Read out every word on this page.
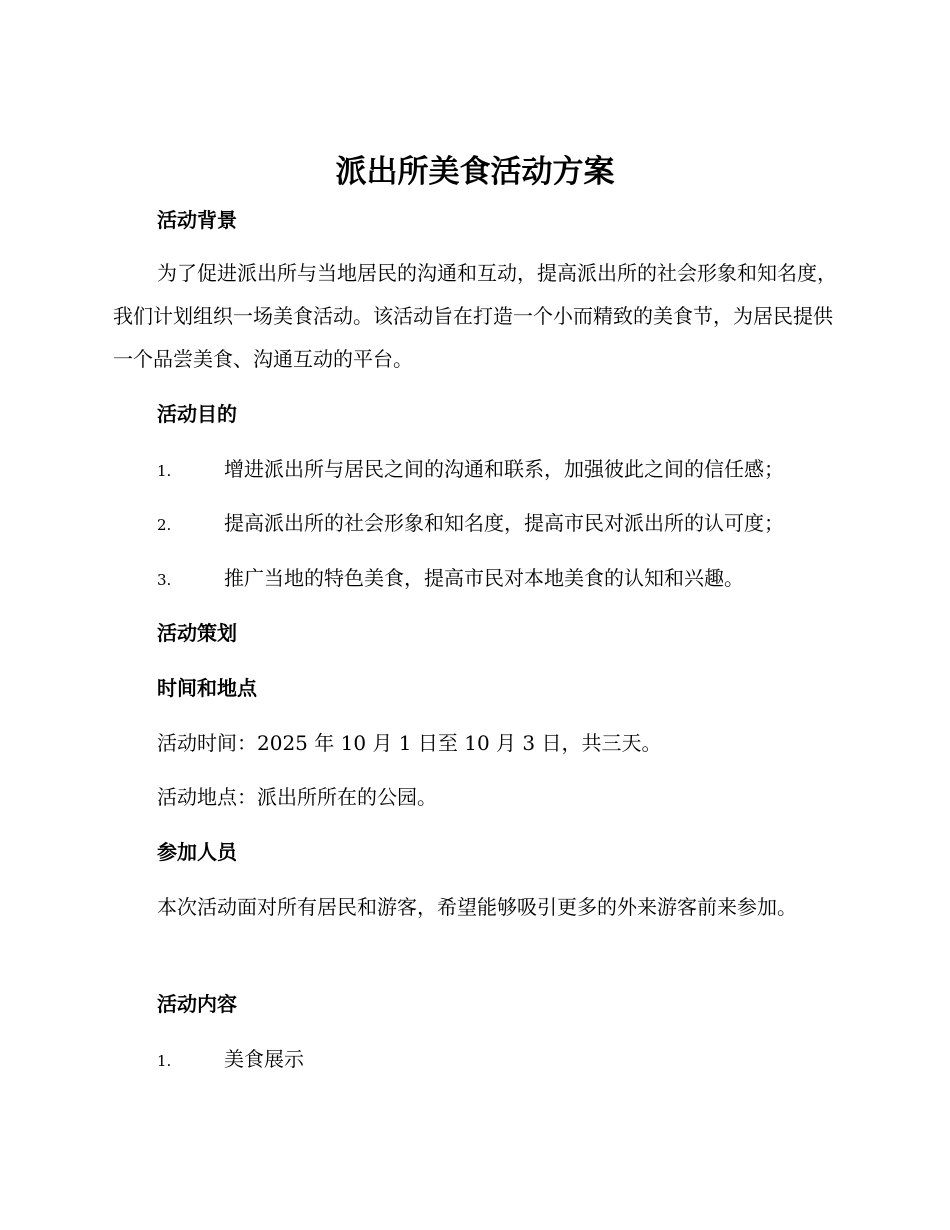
派出所美食活动方案
活动背景

为了促进派出所与当地居民的沟通和互动，提高派出所的社会形象和知名度，我们计划组织一场美食活动。该活动旨在打造一个小而精致的美食节，为居民提供一个品尝美食、沟通互动的平台。

活动目的
1.	增进派出所与居民之间的沟通和联系，加强彼此之间的信任感；
2.	提高派出所的社会形象和知名度，提高市民对派出所的认可度；
3.	推广当地的特色美食，提高市民对本地美食的认知和兴趣。
活动策划
时间和地点

活动时间：2025 年 10 月 1 日至 10 月 3 日，共三天。

活动地点：派出所所在的公园。

参加人员

本次活动面对所有居民和游客，希望能够吸引更多的外来游客前来参加。

活动内容
1.	美食展示
